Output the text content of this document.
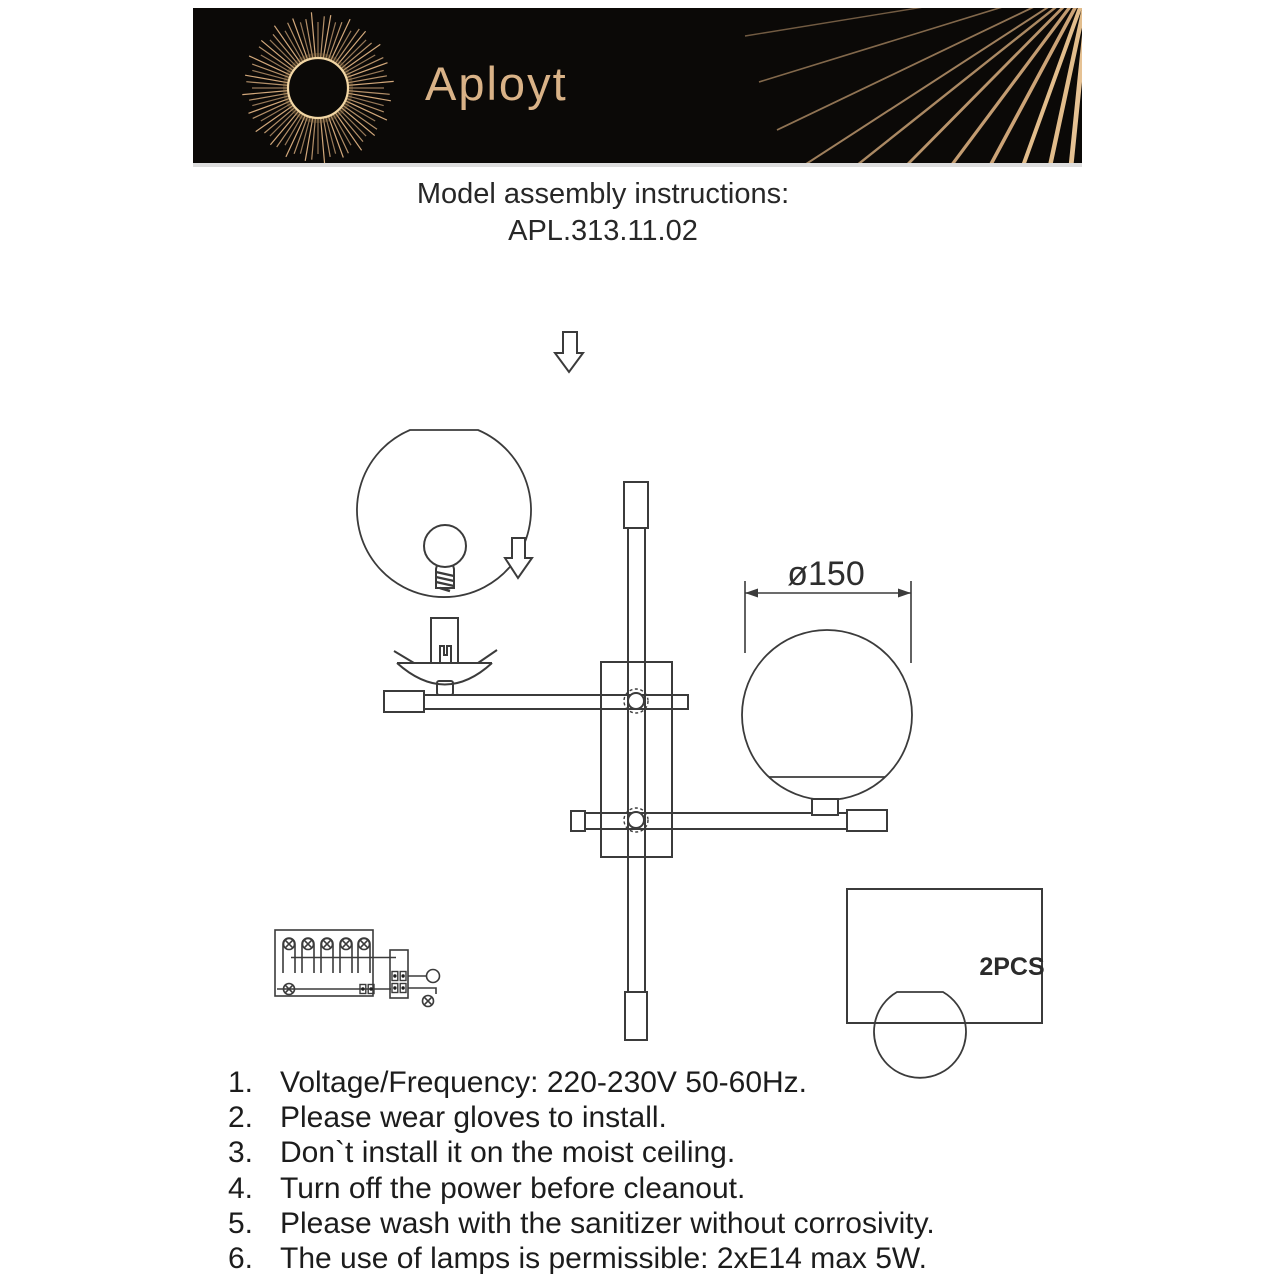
Aployt
Model assembly instructions:
APL.313.11.02
ø150
2PCS
1. Voltage/Frequency: 220-230V 50-60Hz.
2. Please wear gloves to install.
3. Don`t install it on the moist ceiling.
4. Turn off the power before cleanout.
5. Please wash with the sanitizer without corrosivity.
6. The use of lamps is permissible: 2xE14 max 5W.
